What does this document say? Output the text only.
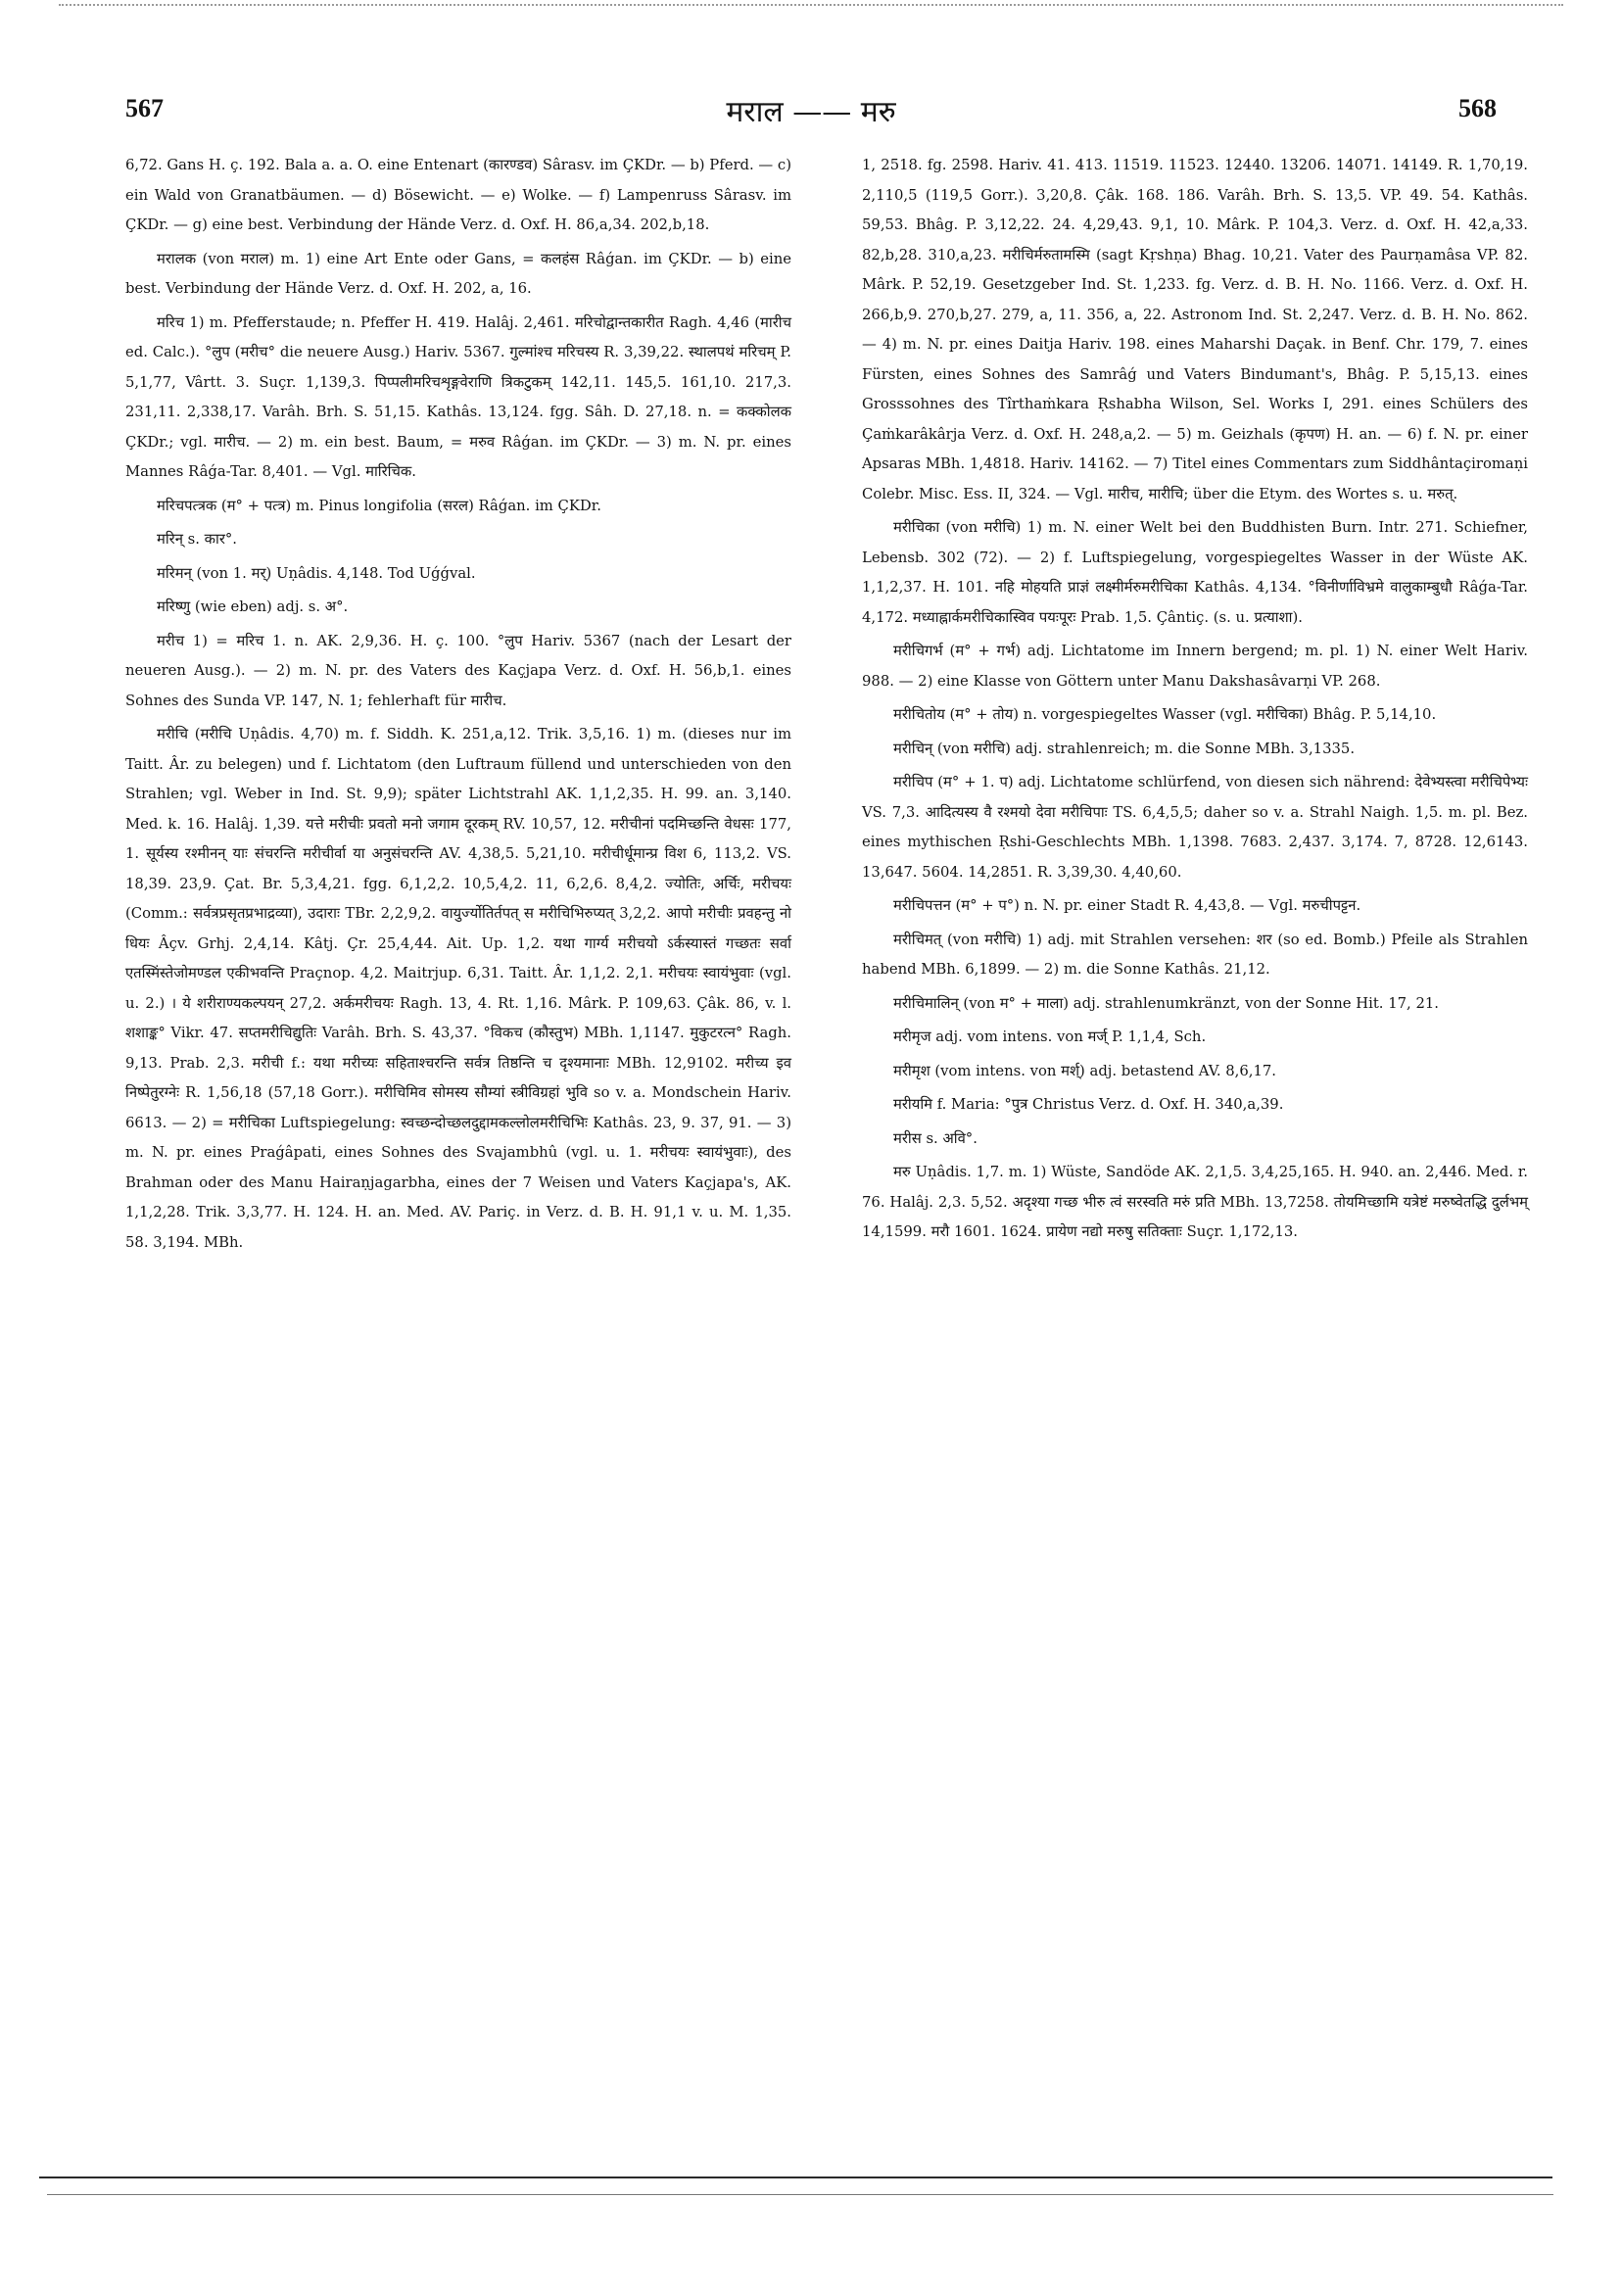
567	मराल —— मरु	568

6,72. Gans H. ç. 192. Bala a. a. O. eine Entenart (कारण्डव) Sârasv. im ÇKDr. — b) Pferd. — c) ein Wald von Granatbäumen. — d) Bösewicht. — e) Wolke. — f) Lampenruss Sârasv. im ÇKDr. — g) eine best. Verbindung der Hände Verz. d. Oxf. H. 86,a,34. 202,b,18.

मरालक (von मराल) m. 1) eine Art Ente oder Gans, = कलहंस Râǵan. im ÇKDr. — b) eine best. Verbindung der Hände Verz. d. Oxf. H. 202, a, 16.

मरिच 1) m. Pfefferstaude; n. Pfeffer H. 419. Halâj. 2,461. मरिचोद्वान्तकारीत Ragh. 4,46 (मारीच ed. Calc.). °लुप (मरीच° die neuere Ausg.) Hariv. 5367. गुल्मांश्च मरिचस्य R. 3,39,22. स्थालपथं मरिचम् P. 5,1,77, Vârtt. 3. Suçr. 1,139,3. पिप्पलीमरिचशृङ्गवेराणि त्रिकटुकम् 142,11. 145,5. 161,10. 217,3. 231,11. 2,338,17. Varâh. Brh. S. 51,15. Kathâs. 13,124. fgg. Sâh. D. 27,18. n. = कक्कोलक ÇKDr.; vgl. मारीच. — 2) m. ein best. Baum, = मरुव Râǵan. im ÇKDr. — 3) m. N. pr. eines Mannes Râǵa-Tar. 8,401. — Vgl. मारिचिक.

मरिचपत्त्रक (म° + पत्त्र) m. Pinus longifolia (सरल) Râǵan. im ÇKDr.

मरिन् s. कार°.

मरिमन् (von 1. मर्) Uṇâdis. 4,148. Tod Uǵǵval.

मरिष्णु (wie eben) adj. s. अ°.

मरीच 1) = मरिच 1. n. AK. 2,9,36. H. ç. 100. °लुप Hariv. 5367 (nach der Lesart der neueren Ausg.). — 2) m. N. pr. des Vaters des Kaçjapa Verz. d. Oxf. H. 56,b,1. eines Sohnes des Sunda VP. 147, N. 1; fehlerhaft für मारीच.

मरीचि (मरीचि Uṇâdis. 4,70) m. f. Siddh. K. 251,a,12. Trik. 3,5,16. 1) m. (dieses nur im Taitt. Âr. zu belegen) und f. Lichtatom (den Luftraum füllend und unterschieden von den Strahlen; vgl. Weber in Ind. St. 9,9); später Lichtstrahl AK. 1,1,2,35. H. 99. an. 3,140. Med. k. 16. Halâj. 1,39. यत्ते मरीचीः प्रवतो मनो जगाम दूरकम् RV. 10,57, 12. मरीचीनां पदमिच्छन्ति वेधसः 177, 1. सूर्यस्य रश्मीनन् याः संचरन्ति मरीचीर्वा या अनुसंचरन्ति AV. 4,38,5. 5,21,10. मरीचीर्धूमान्प्र विश 6, 113,2. VS. 18,39. 23,9. Çat. Br. 5,3,4,21. fgg. 6,1,2,2. 10,5,4,2. 11, 6,2,6. 8,4,2. ज्योतिः, अर्चिः, मरीचयः (Comm.: सर्वत्रप्रसृतप्रभाद्रव्या), उदाराः TBr. 2,2,9,2. वायुर्ज्योतिर्तपत् स मरीचिभिरुप्यत् 3,2,2. आपो मरीचीः प्रवहन्तु नो धियः Âçv. Grhj. 2,4,14. Kâtj. Çr. 25,4,44. Ait. Up. 1,2. यथा गार्ग्य मरीचयो ऽर्कस्यास्तं गच्छतः सर्वा एतस्मिंस्तेजोमण्डल एकीभवन्ति Praçnop. 4,2. Maitrjup. 6,31. Taitt. Âr. 1,1,2. 2,1. मरीचयः स्वायंभुवाः (vgl. u. 2.) । ये शरीराण्यकल्पयन् 27,2. अर्कमरीचयः Ragh. 13, 4. Rt. 1,16. Mârk. P. 109,63. Çâk. 86, v. l. शशाङ्क° Vikr. 47. सप्तमरीचिद्युतिः Varâh. Brh. S. 43,37. °विकच (कौस्तुभ) MBh. 1,1147. मुकुटरत्न° Ragh. 9,13. Prab. 2,3. मरीची f.: यथा मरीच्यः सहिताश्चरन्ति सर्वत्र तिष्ठन्ति च दृश्यमानाः MBh. 12,9102. मरीच्य इव निष्पेतुरग्नेः R. 1,56,18 (57,18 Gorr.). मरीचिमिव सोमस्य सौम्यां स्त्रीविग्रहां भुवि so v. a. Mondschein Hariv. 6613. — 2) = मरीचिका Luftspiegelung: स्वच्छन्दोच्छलदुद्दामकल्लोलमरीचिभिः Kathâs. 23, 9. 37, 91. — 3) m. N. pr. eines Praǵâpati, eines Sohnes des Svajambhû (vgl. u. 1. मरीचयः स्वायंभुवाः), des Brahman oder des Manu Hairaṇjagarbha, eines der 7 Weisen und Vaters Kaçjapa's, AK. 1,1,2,28. Trik. 3,3,77. H. 124. H. an. Med. AV. Pariç. in Verz. d. B. H. 91,1 v. u. M. 1,35. 58. 3,194. MBh.

1, 2518. fg. 2598. Hariv. 41. 413. 11519. 11523. 12440. 13206. 14071. 14149. R. 1,70,19. 2,110,5 (119,5 Gorr.). 3,20,8. Çâk. 168. 186. Varâh. Brh. S. 13,5. VP. 49. 54. Kathâs. 59,53. Bhâg. P. 3,12,22. 24. 4,29,43. 9,1, 10. Mârk. P. 104,3. Verz. d. Oxf. H. 42,a,33. 82,b,28. 310,a,23. मरीचिर्मरुतामस्मि (sagt Kṛshṇa) Bhag. 10,21. Vater des Paurṇamâsa VP. 82. Mârk. P. 52,19. Gesetzgeber Ind. St. 1,233. fg. Verz. d. B. H. No. 1166. Verz. d. Oxf. H. 266,b,9. 270,b,27. 279, a, 11. 356, a, 22. Astronom Ind. St. 2,247. Verz. d. B. H. No. 862. — 4) m. N. pr. eines Daitja Hariv. 198. eines Maharshi Daçak. in Benf. Chr. 179, 7. eines Fürsten, eines Sohnes des Samrâǵ und Vaters Bindumant's, Bhâg. P. 5,15,13. eines Grosssohnes des Tîrthaṁkara Ṛshabha Wilson, Sel. Works I, 291. eines Schülers des Çaṁkarâkârja Verz. d. Oxf. H. 248,a,2. — 5) m. Geizhals (कृपण) H. an. — 6) f. N. pr. einer Apsaras MBh. 1,4818. Hariv. 14162. — 7) Titel eines Commentars zum Siddhântaçiromaṇi Colebr. Misc. Ess. II, 324. — Vgl. मारीच, मारीचि; über die Etym. des Wortes s. u. मरुत्.

मरीचिका (von मरीचि) 1) m. N. einer Welt bei den Buddhisten Burn. Intr. 271. Schiefner, Lebensb. 302 (72). — 2) f. Luftspiegelung, vorgespiegeltes Wasser in der Wüste AK. 1,1,2,37. H. 101. नहि मोहयति प्राज्ञं लक्ष्मीर्मरुमरीचिका Kathâs. 4,134. °विनीर्णाविभ्रमे वालुकाम्बुधौ Râǵa-Tar. 4,172. मध्याह्नार्कमरीचिकास्विव पयःपूरः Prab. 1,5. Çântiç. (s. u. प्रत्याशा).

मरीचिगर्भ (म° + गर्भ) adj. Lichtatome im Innern bergend; m. pl. 1) N. einer Welt Hariv. 988. — 2) eine Klasse von Göttern unter Manu Dakshasâvarṇi VP. 268.

मरीचितोय (म° + तोय) n. vorgespiegeltes Wasser (vgl. मरीचिका) Bhâg. P. 5,14,10.

मरीचिन् (von मरीचि) adj. strahlenreich; m. die Sonne MBh. 3,1335.

मरीचिप (म° + 1. प) adj. Lichtatome schlürfend, von diesen sich nährend: देवेभ्यस्त्वा मरीचिपेभ्यः VS. 7,3. आदित्यस्य वै रश्मयो देवा मरीचिपाः TS. 6,4,5,5; daher so v. a. Strahl Naigh. 1,5. m. pl. Bez. eines mythischen Ṛshi-Geschlechts MBh. 1,1398. 7683. 2,437. 3,174. 7, 8728. 12,6143. 13,647. 5604. 14,2851. R. 3,39,30. 4,40,60.

मरीचिपत्तन (म° + प°) n. N. pr. einer Stadt R. 4,43,8. — Vgl. मरुचीपट्टन.

मरीचिमत् (von मरीचि) 1) adj. mit Strahlen versehen: शर (so ed. Bomb.) Pfeile als Strahlen habend MBh. 6,1899. — 2) m. die Sonne Kathâs. 21,12.

मरीचिमालिन् (von म° + माला) adj. strahlenumkränzt, von der Sonne Hit. 17, 21.

मरीमृज adj. vom intens. von मर्ज् P. 1,1,4, Sch.

मरीमृश (vom intens. von मर्श्) adj. betastend AV. 8,6,17.

मरीयमि f. Maria: °पुत्र Christus Verz. d. Oxf. H. 340,a,39.

मरीस s. अवि°.

मरु Uṇâdis. 1,7. m. 1) Wüste, Sandöde AK. 2,1,5. 3,4,25,165. H. 940. an. 2,446. Med. r. 76. Halâj. 2,3. 5,52. अदृश्या गच्छ भीरु त्वं सरस्वति मरुं प्रति MBh. 13,7258. तोयमिच्छामि यत्रेष्टं मरुष्वेतद्धि दुर्लभम् 14,1599. मरौ 1601. 1624. प्रायेण नद्यो मरुषु सतिक्ताः Suçr. 1,172,13.
